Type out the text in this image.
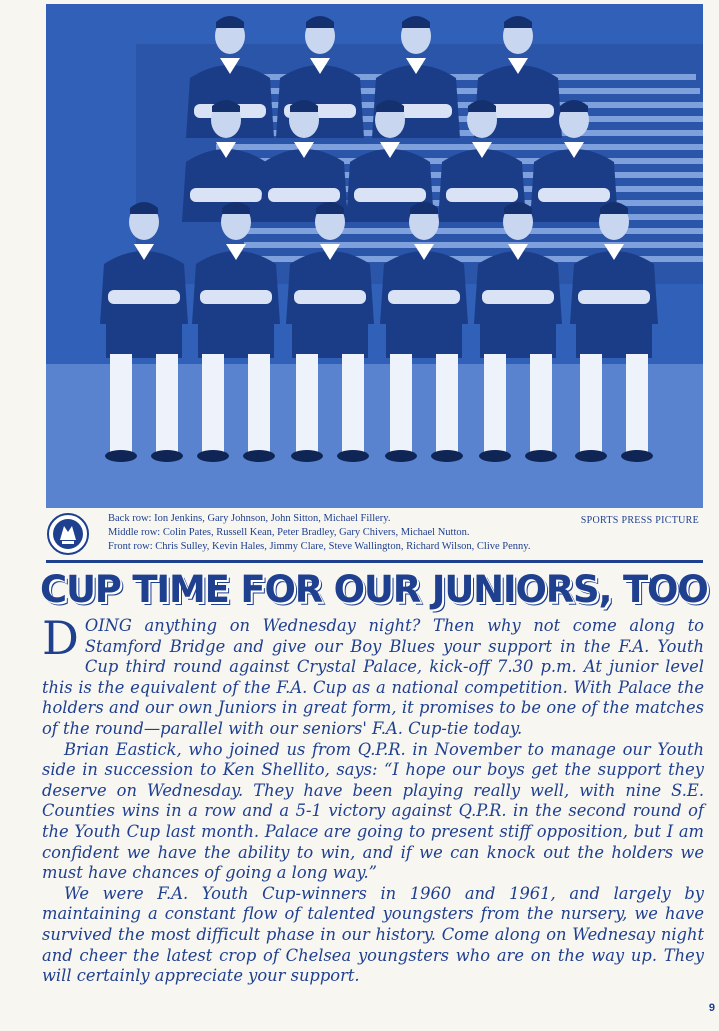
Back row: Ion Jenkins, Gary Johnson, John Sitton, Michael Fillery.
Middle row: Colin Pates, Russell Kean, Peter Bradley, Gary Chivers, Michael Nutton.
Front row: Chris Sulley, Kevin Hales, Jimmy Clare, Steve Wallington, Richard Wilson, Clive Penny.
SPORTS PRESS PICTURE
CUP TIME FOR OUR JUNIORS, TOO

DOING anything on Wednesday night? Then why not come along to Stamford Bridge and give our Boy Blues your support in the F.A. Youth Cup third round against Crystal Palace, kick-off 7.30 p.m. At junior level this is the equivalent of the F.A. Cup as a national competition. With Palace the holders and our own Juniors in great form, it promises to be one of the matches of the round—parallel with our seniors' F.A. Cup-tie today.

Brian Eastick, who joined us from Q.P.R. in November to manage our Youth side in succession to Ken Shellito, says: “I hope our boys get the support they deserve on Wednesday. They have been playing really well, with nine S.E. Counties wins in a row and a 5-1 victory against Q.P.R. in the second round of the Youth Cup last month. Palace are going to present stiff opposition, but I am confident we have the ability to win, and if we can knock out the holders we must have chances of going a long way.”

We were F.A. Youth Cup-winners in 1960 and 1961, and largely by maintaining a constant flow of talented youngsters from the nursery, we have survived the most difficult phase in our history. Come along on Wednesay night and cheer the latest crop of Chelsea youngsters who are on the way up. They will certainly appreciate your support.

9
